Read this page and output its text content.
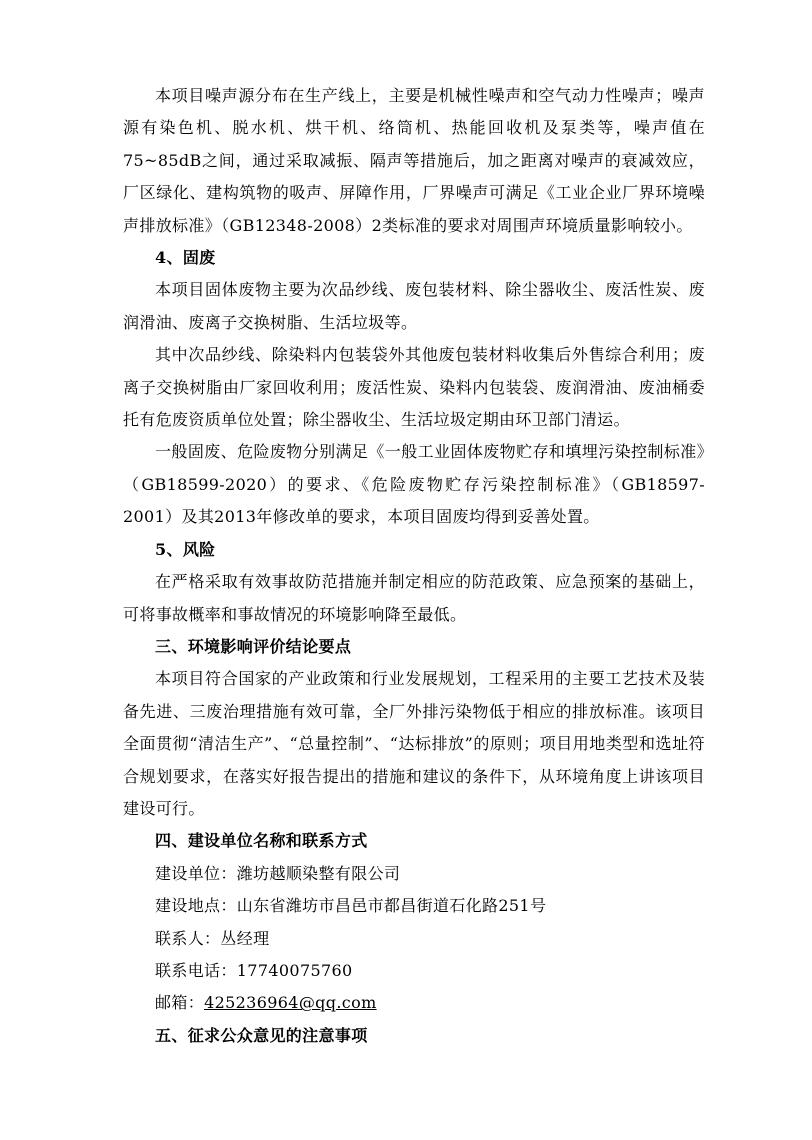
本项目噪声源分布在生产线上，主要是机械性噪声和空气动力性噪声；噪声源有染色机、脱水机、烘干机、络筒机、热能回收机及泵类等，噪声值在75~85dB之间，通过采取减振、隔声等措施后，加之距离对噪声的衰减效应，厂区绿化、建构筑物的吸声、屏障作用，厂界噪声可满足《工业企业厂界环境噪声排放标准》（GB12348-2008）2类标准的要求对周围声环境质量影响较小。

4、固废

本项目固体废物主要为次品纱线、废包装材料、除尘器收尘、废活性炭、废润滑油、废离子交换树脂、生活垃圾等。

其中次品纱线、除染料内包装袋外其他废包装材料收集后外售综合利用；废离子交换树脂由厂家回收利用；废活性炭、染料内包装袋、废润滑油、废油桶委托有危废资质单位处置；除尘器收尘、生活垃圾定期由环卫部门清运。

一般固废、危险废物分别满足《一般工业固体废物贮存和填埋污染控制标准》（GB18599-2020）的要求、《危险废物贮存污染控制标准》（GB18597-2001）及其2013年修改单的要求，本项目固废均得到妥善处置。

5、风险

在严格采取有效事故防范措施并制定相应的防范政策、应急预案的基础上，可将事故概率和事故情况的环境影响降至最低。

三、环境影响评价结论要点

本项目符合国家的产业政策和行业发展规划，工程采用的主要工艺技术及装备先进、三废治理措施有效可靠，全厂外排污染物低于相应的排放标准。该项目全面贯彻“清洁生产”、“总量控制”、“达标排放”的原则；项目用地类型和选址符合规划要求，在落实好报告提出的措施和建议的条件下，从环境角度上讲该项目建设可行。

四、建设单位名称和联系方式

建设单位：潍坊越顺染整有限公司

建设地点：山东省潍坊市昌邑市都昌街道石化路251号

联系人：丛经理

联系电话：17740075760

邮箱：425236964@qq.com

五、征求公众意见的注意事项
